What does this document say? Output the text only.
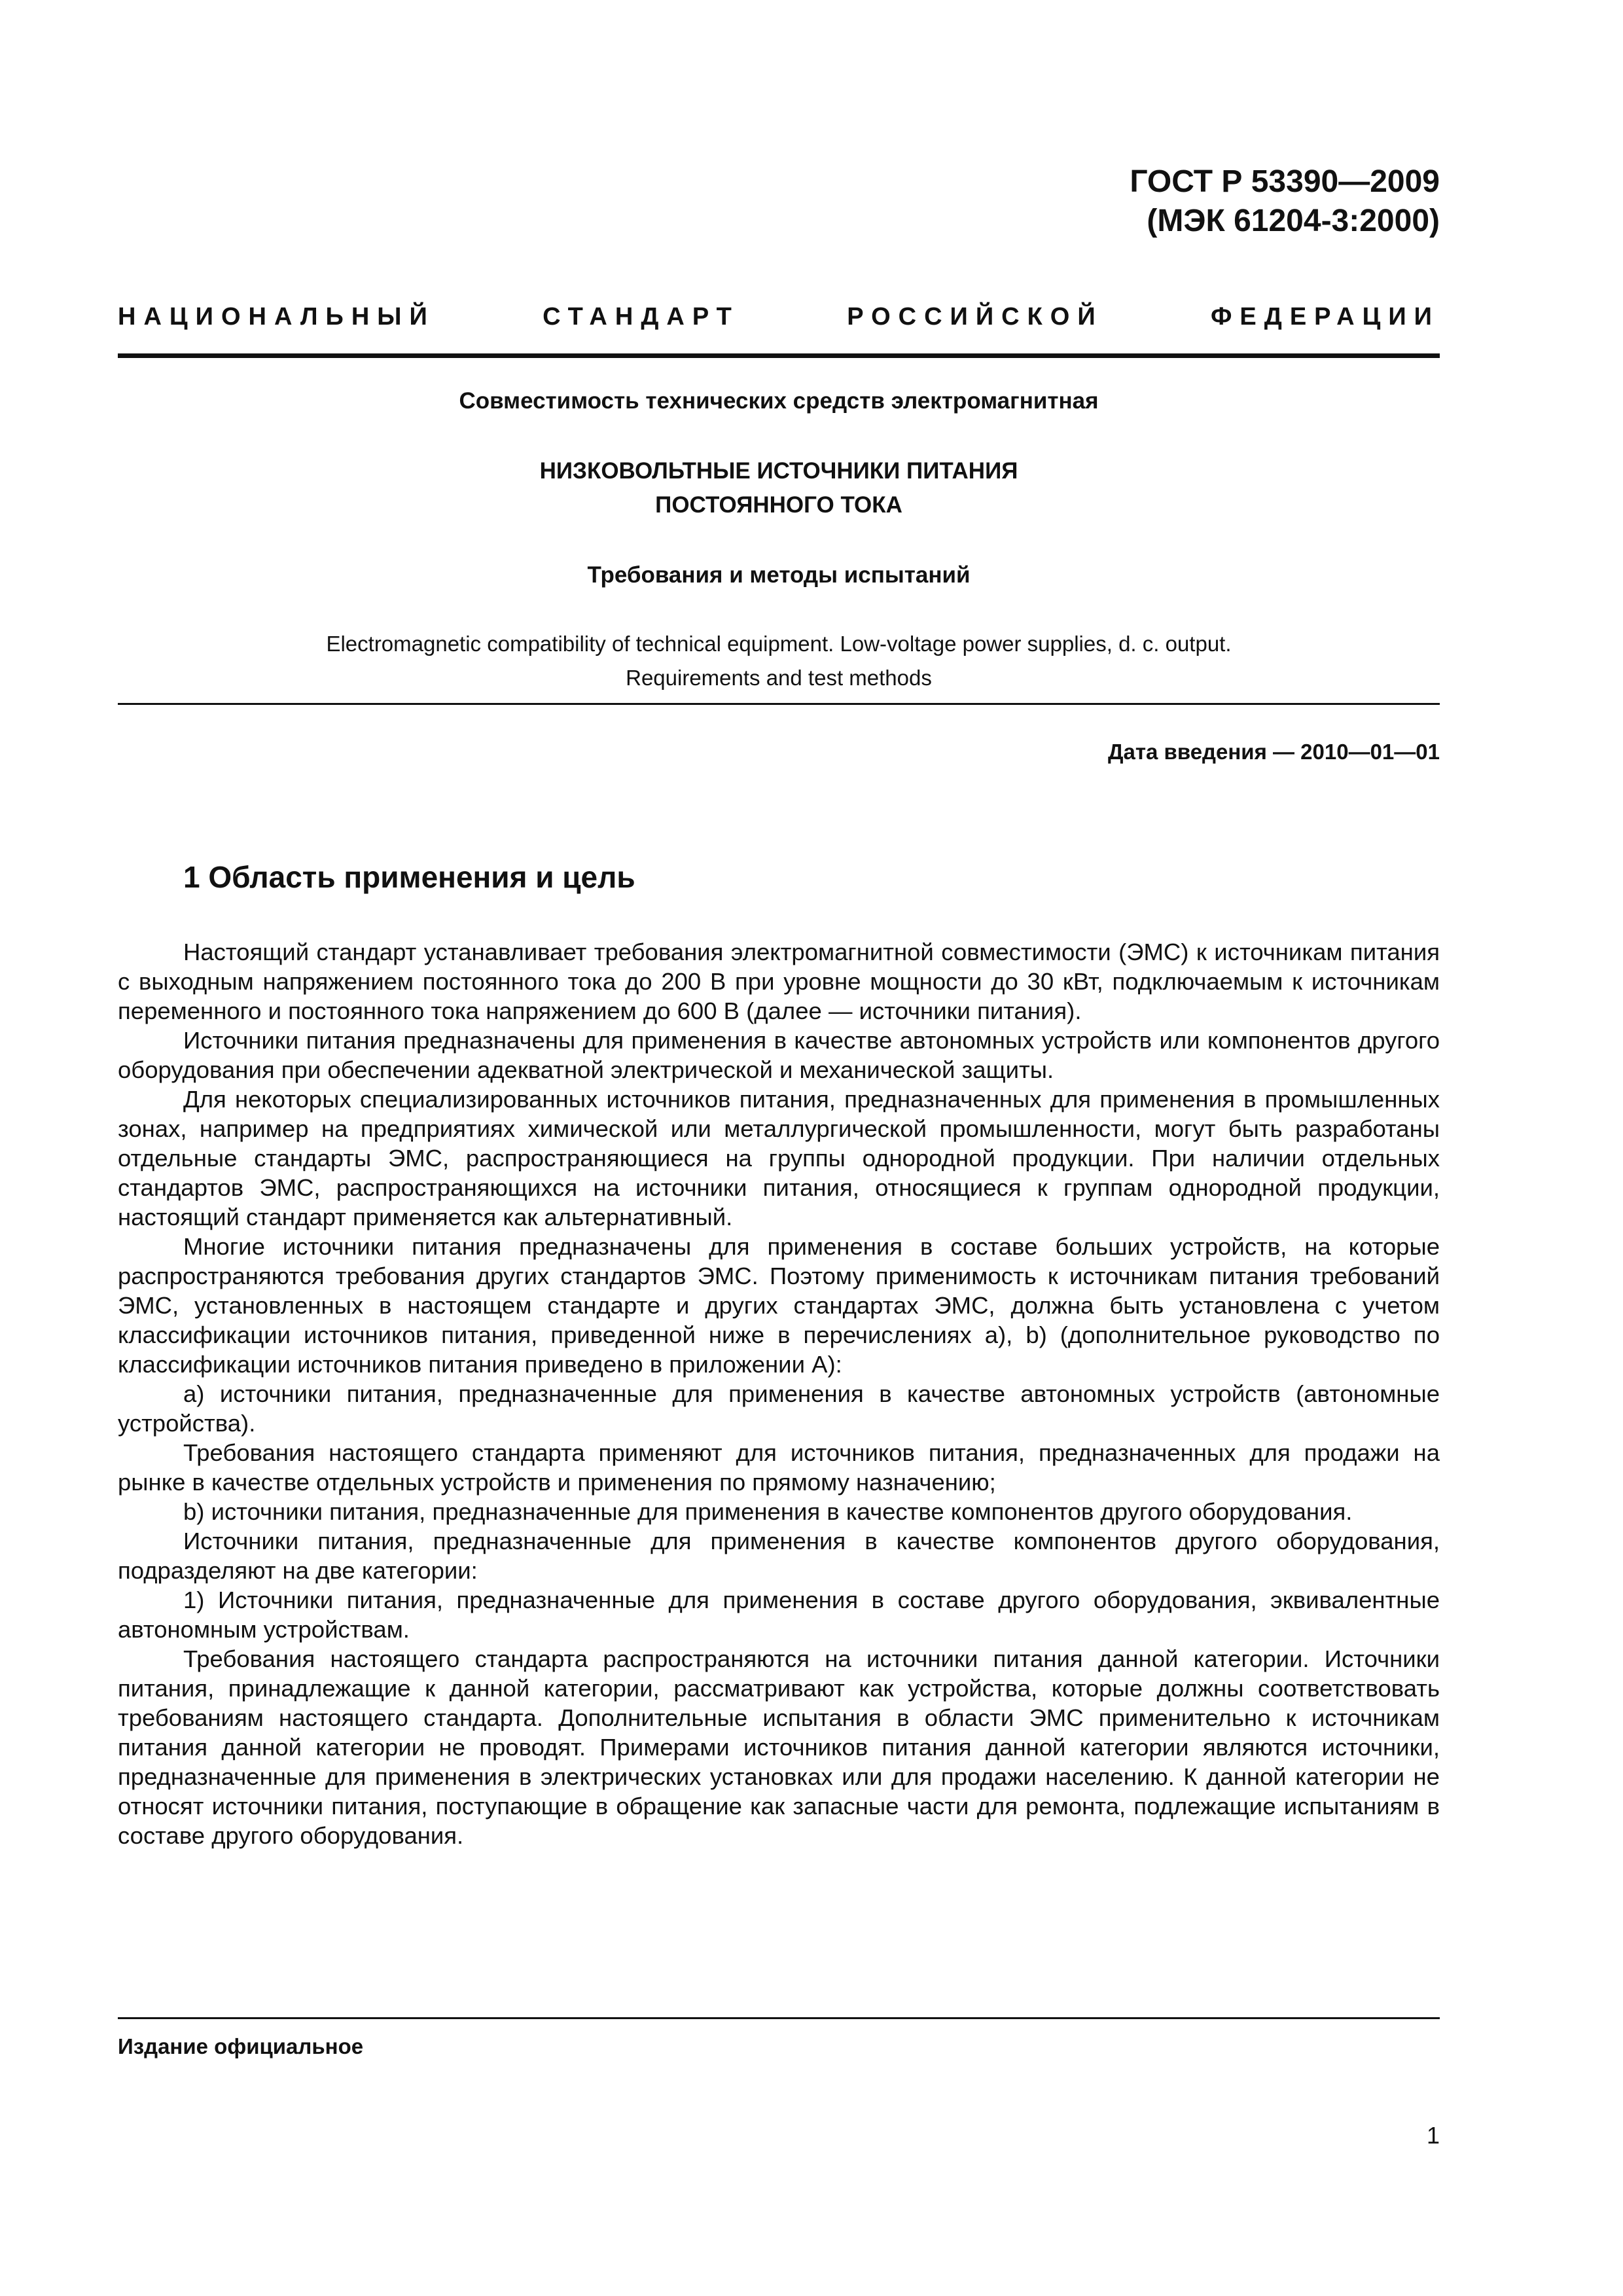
ГОСТ Р 53390—2009
(МЭК 61204-3:2000)
НАЦИОНАЛЬНЫЙ СТАНДАРТ РОССИЙСКОЙ ФЕДЕРАЦИИ

Совместимость технических средств электромагнитная

НИЗКОВОЛЬТНЫЕ ИСТОЧНИКИ ПИТАНИЯ
ПОСТОЯННОГО ТОКА

Требования и методы испытаний

Electromagnetic compatibility of technical equipment. Low-voltage power supplies, d. c. output.
Requirements and test methods

Дата введения — 2010—01—01
1 Область применения и цель

Настоящий стандарт устанавливает требования электромагнитной совместимости (ЭМС) к источникам питания с выходным напряжением постоянного тока до 200 В при уровне мощности до 30 кВт, подключаемым к источникам переменного и постоянного тока напряжением до 600 В (далее — источники питания).

Источники питания предназначены для применения в качестве автономных устройств или компонентов другого оборудования при обеспечении адекватной электрической и механической защиты.

Для некоторых специализированных источников питания, предназначенных для применения в промышленных зонах, например на предприятиях химической или металлургической промышленности, могут быть разработаны отдельные стандарты ЭМС, распространяющиеся на группы однородной продукции. При наличии отдельных стандартов ЭМС, распространяющихся на источники питания, относящиеся к группам однородной продукции, настоящий стандарт применяется как альтернативный.

Многие источники питания предназначены для применения в составе больших устройств, на которые распространяются требования других стандартов ЭМС. Поэтому применимость к источникам питания требований ЭМС, установленных в настоящем стандарте и других стандартах ЭМС, должна быть установлена с учетом классификации источников питания, приведенной ниже в перечислениях а), b) (дополнительное руководство по классификации источников питания приведено в приложении А):

а) источники питания, предназначенные для применения в качестве автономных устройств (автономные устройства).

Требования настоящего стандарта применяют для источников питания, предназначенных для продажи на рынке в качестве отдельных устройств и применения по прямому назначению;

b) источники питания, предназначенные для применения в качестве компонентов другого оборудования.

Источники питания, предназначенные для применения в качестве компонентов другого оборудования, подразделяют на две категории:

1) Источники питания, предназначенные для применения в составе другого оборудования, эквивалентные автономным устройствам.

Требования настоящего стандарта распространяются на источники питания данной категории. Источники питания, принадлежащие к данной категории, рассматривают как устройства, которые должны соответствовать требованиям настоящего стандарта. Дополнительные испытания в области ЭМС применительно к источникам питания данной категории не проводят. Примерами источников питания данной категории являются источники, предназначенные для применения в электрических установках или для продажи населению. К данной категории не относят источники питания, поступающие в обращение как запасные части для ремонта, подлежащие испытаниям в составе другого оборудования.

Издание официальное
1
